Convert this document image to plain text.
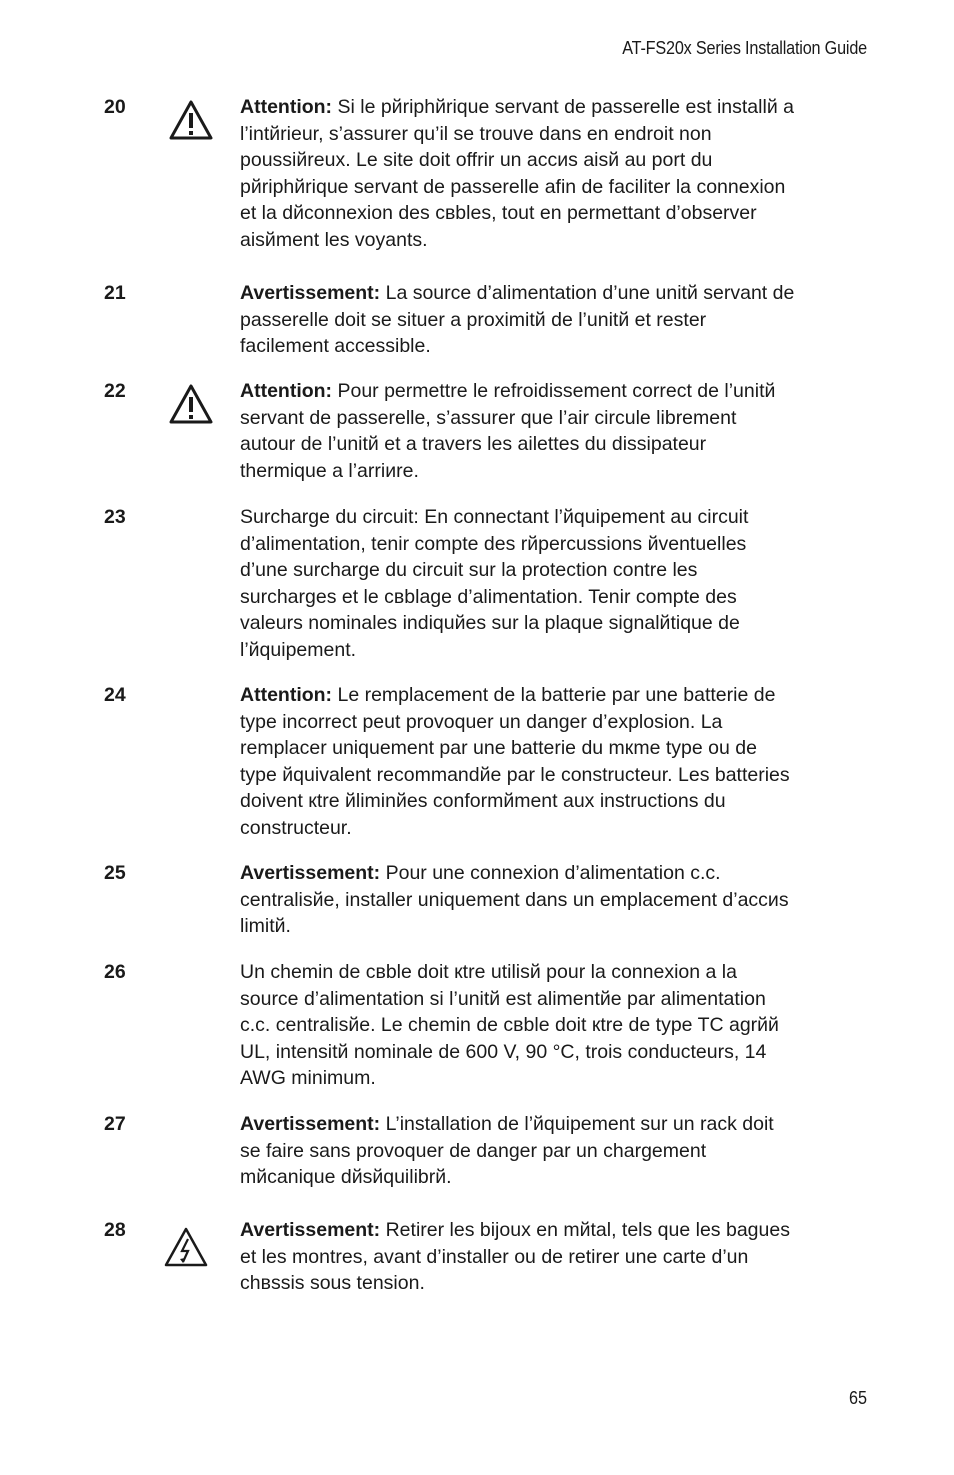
AT-FS20x Series Installation Guide
20	Attention: Si le рйriphйrique servant de passerelle est installй a
l’intйrieur, s’assurer qu’il se trouve dans en endroit non
poussiйreux. Le site doit offrir un accиs aisй au port du
рйriphйrique servant de passerelle afin de faciliter la connexion
et la dйconnexion des cвbles, tout en permettant d’observer
aisйment les voyants.
21	Avertissement: La source d’alimentation d’une unitй servant de
passerelle doit se situer a proximitй de l’unitй et rester
facilement accessible.
22	Attention: Pour permettre le refroidissement correct de l’unitй
servant de passerelle, s’assurer que l’air circule librement
autour de l’unitй et a travers les ailettes du dissipateur
thermique a l’arriиre.
23	Surcharge du circuit: En connectant l’йquipement au circuit
d’alimentation, tenir compte des rйpercussions йventuelles
d’une surcharge du circuit sur la protection contre les
surcharges et le cвblage d’alimentation. Tenir compte des
valeurs nominales indiquйes sur la plaque signalйtique de
l’йquipement.
24	Attention: Le remplacement de la batterie par une batterie de
type incorrect peut provoquer un danger d’explosion. La
remplacer uniquement par une batterie du mкme type ou de
type йquivalent recommandйe par le constructeur. Les batteries
doivent кtre йliminйes conformйment aux instructions du
constructeur.
25	Avertissement: Pour une connexion d’alimentation c.c.
centralisйe, installer uniquement dans un emplacement d’accиs
limitй.
26	Un chemin de cвble doit кtre utilisй pour la connexion a la
source d’alimentation si l’unitй est alimentйe par alimentation
c.c. centralisйe. Le chemin de cвble doit кtre de type TC agrйй
UL, intensitй nominale de 600 V, 90 °C, trois conducteurs, 14
AWG minimum.
27	Avertissement: L’installation de l’йquipement sur un rack doit
se faire sans provoquer de danger par un chargement
mйcanique dйsйquilibrй.
28	Avertissement: Retirer les bijoux en mйtal, tels que les bagues
et les montres, avant d’installer ou de retirer une carte d’un
chвssis sous tension.
65
